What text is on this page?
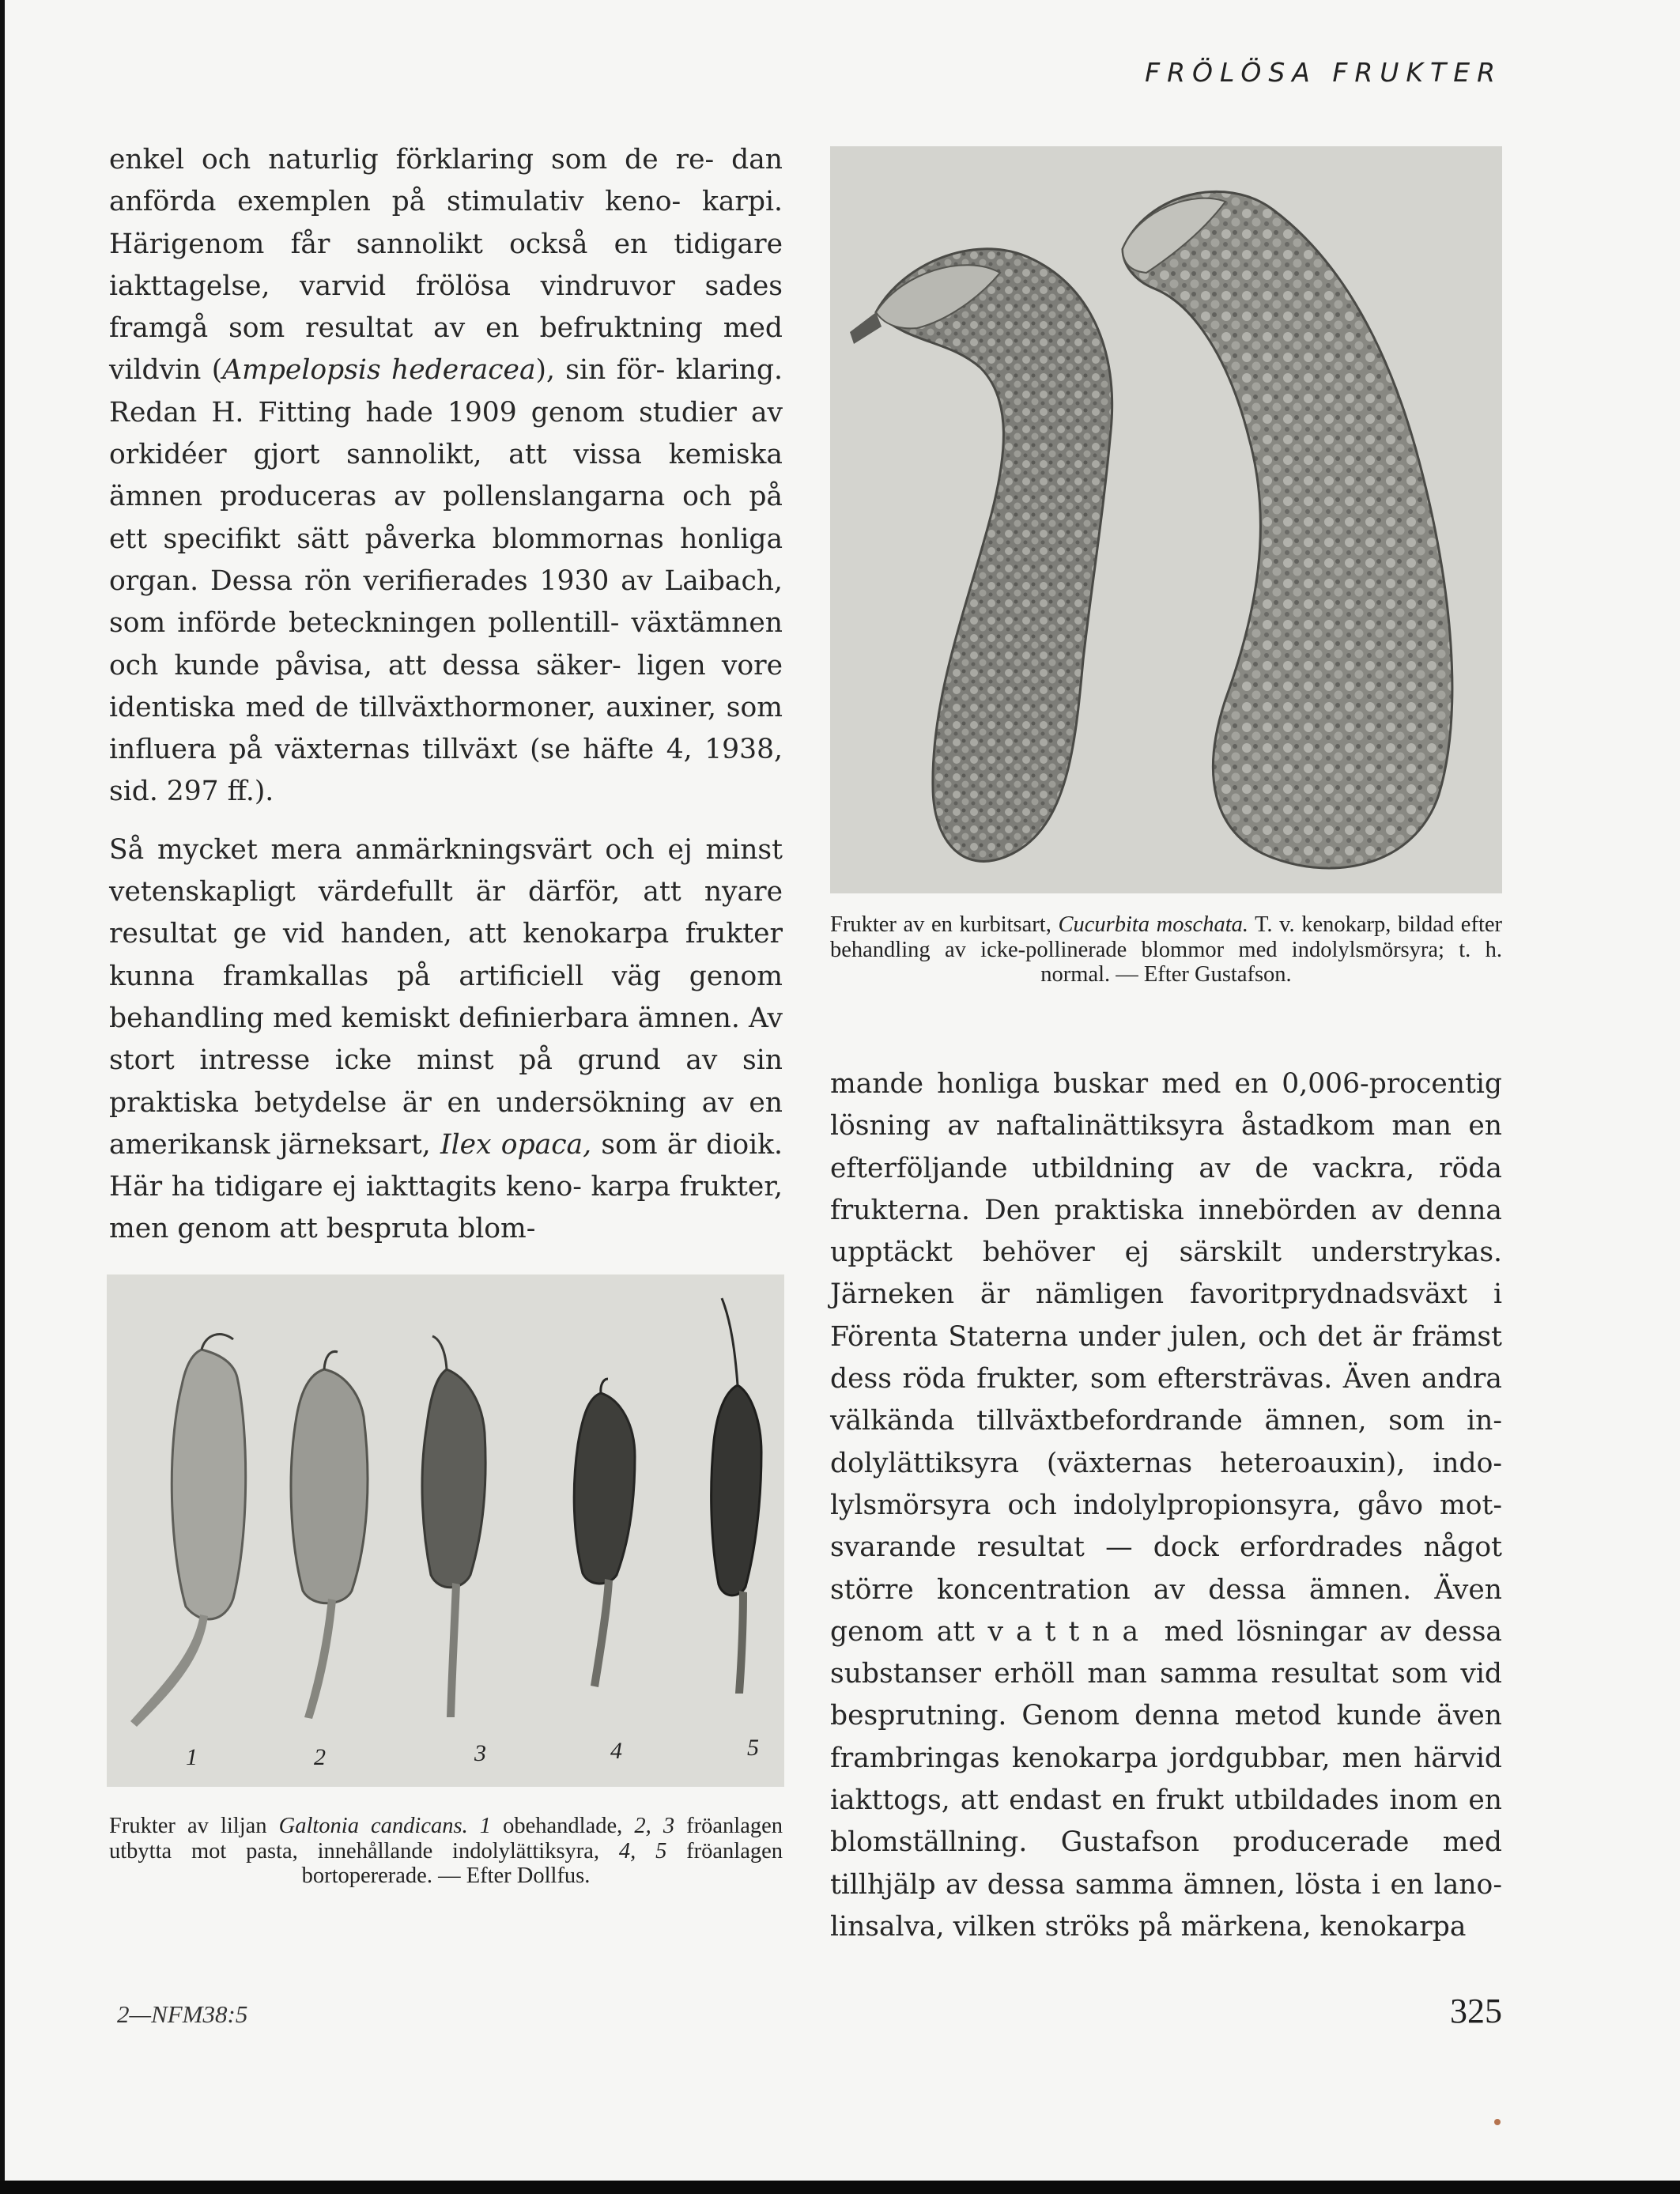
FRÖLÖSA FRUKTER

enkel och naturlig förklaring som de re- dan anförda exemplen på stimulativ keno- karpi. Härigenom får sannolikt också en tidigare iakttagelse, varvid frölösa vindruvor sades framgå som resultat av en befruktning med vildvin (Ampelopsis hederacea), sin för- klaring. Redan H. Fitting hade 1909 genom studier av orkidéer gjort sannolikt, att vissa kemiska ämnen produceras av pollenslangarna och på ett specifikt sätt påverka blommornas honliga organ. Dessa rön verifierades 1930 av Laibach, som införde beteckningen pollentill- växtämnen och kunde påvisa, att dessa säker- ligen vore identiska med de tillväxthormoner, auxiner, som influera på växternas tillväxt (se häfte 4, 1938, sid. 297 ff.).

Så mycket mera anmärkningsvärt och ej minst vetenskapligt värdefullt är därför, att nyare resultat ge vid handen, att kenokarpa frukter kunna framkallas på artificiell väg genom behandling med kemiskt definierbara ämnen. Av stort intresse icke minst på grund av sin praktiska betydelse är en undersökning av en amerikansk järneksart, Ilex opaca, som är dioik. Här ha tidigare ej iakttagits keno- karpa frukter, men genom att bespruta blom-

Frukter av en kurbitsart, Cucurbita moschata. T. v. kenokarp, bildad efter behandling av icke-pollinerade blommor med indolylsmörsyra; t. h. normal. — Efter Gustafson.

mande honliga buskar med en 0,006-procentig lösning av naftalinättiksyra åstadkom man en efterföljande utbildning av de vackra, röda frukterna. Den praktiska innebörden av denna upptäckt behöver ej särskilt understrykas. Järneken är nämligen favoritprydnadsväxt i Förenta Staterna under julen, och det är främst dess röda frukter, som eftersträvas. Även andra välkända tillväxtbefordrande ämnen, som in- dolylättiksyra (växternas heteroauxin), indo- lylsmörsyra och indolylpropionsyra, gåvo mot- svarande resultat — dock erfordrades något större koncentration av dessa ämnen. Även genom att vattna med lösningar av dessa substanser erhöll man samma resultat som vid besprutning. Genom denna metod kunde även frambringas kenokarpa jordgubbar, men härvid iakttogs, att endast en frukt utbildades inom en blomställning. Gustafson producerade med tillhjälp av dessa samma ämnen, lösta i en lano- linsalva, vilken ströks på märkena, kenokarpa

1	2	3	4	5
Frukter av liljan Galtonia candicans. 1 obehandlade, 2, 3 fröanlagen utbytta mot pasta, innehållande indolylättiksyra, 4, 5 fröanlagen bortopererade. — Efter Dollfus.
2—NFM38:5	325
